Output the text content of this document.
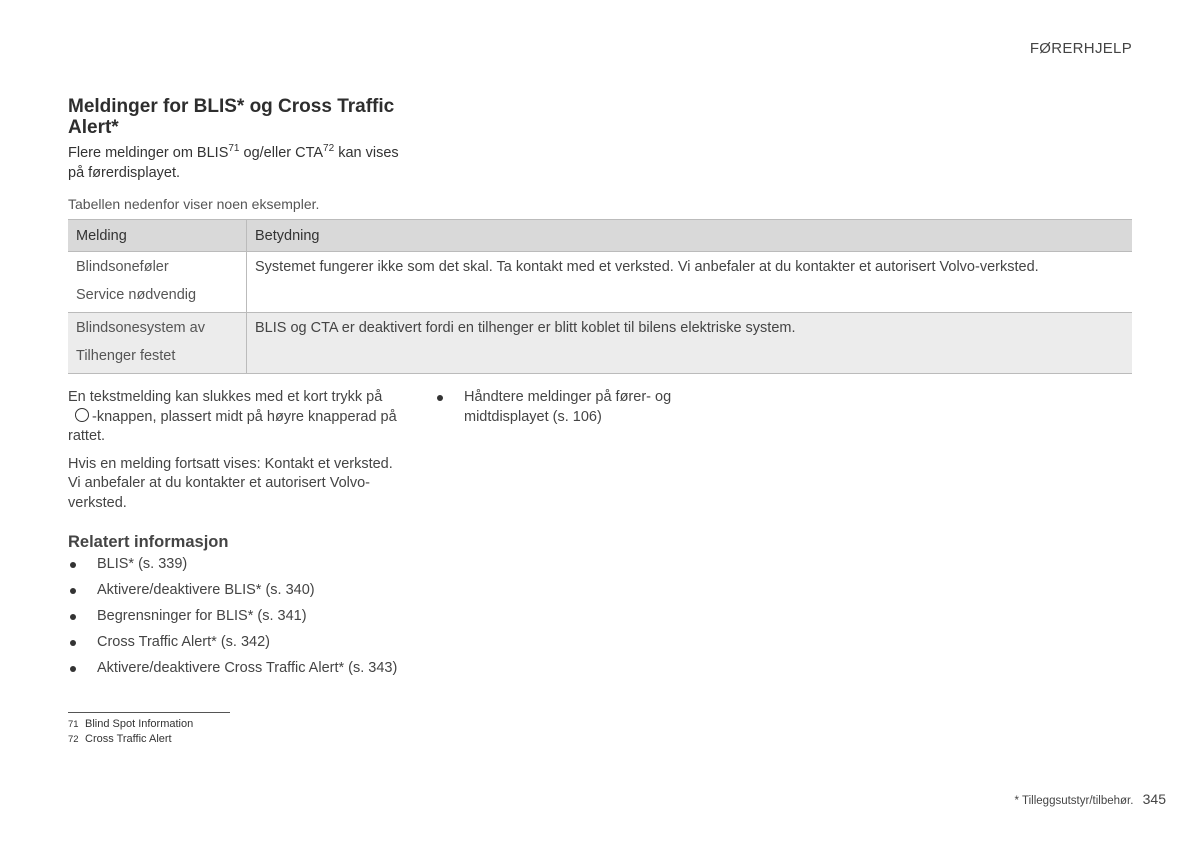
FØRERHJELP
Meldinger for BLIS* og Cross Traffic Alert*

Flere meldinger om BLIS$^{71}$ og/eller CTA$^{72}$ kan vises på førerdisplayet.

Tabellen nedenfor viser noen eksempler.
Melding	Betydning

Blindsoneføler
Service nødvendig	Systemet fungerer ikke som det skal. Ta kontakt med et verksted. Vi anbefaler at du kontakter et autorisert Volvo-verksted.

Blindsonesystem av
Tilhenger festet	BLIS og CTA er deaktivert fordi en tilhenger er blitt koblet til bilens elektriske system.

En tekstmelding kan slukkes med et kort trykk på-knappen, plassert midt på høyre knapperad på rattet.

Hvis en melding fortsatt vises: Kontakt et verksted. Vi anbefaler at du kontakter et autorisert Volvo-verksted.

Relatert informasjon
BLIS* (s. 339)
Aktivere/deaktivere BLIS* (s. 340)
Begrensninger for BLIS* (s. 341)
Cross Traffic Alert* (s. 342)
Aktivere/deaktivere Cross Traffic Alert* (s. 343)
Håndtere meldinger på fører- og midtdisplayet (s. 106)
71 Blind Spot Information
72 Cross Traffic Alert
* Tilleggsutstyr/tilbehør. 345
